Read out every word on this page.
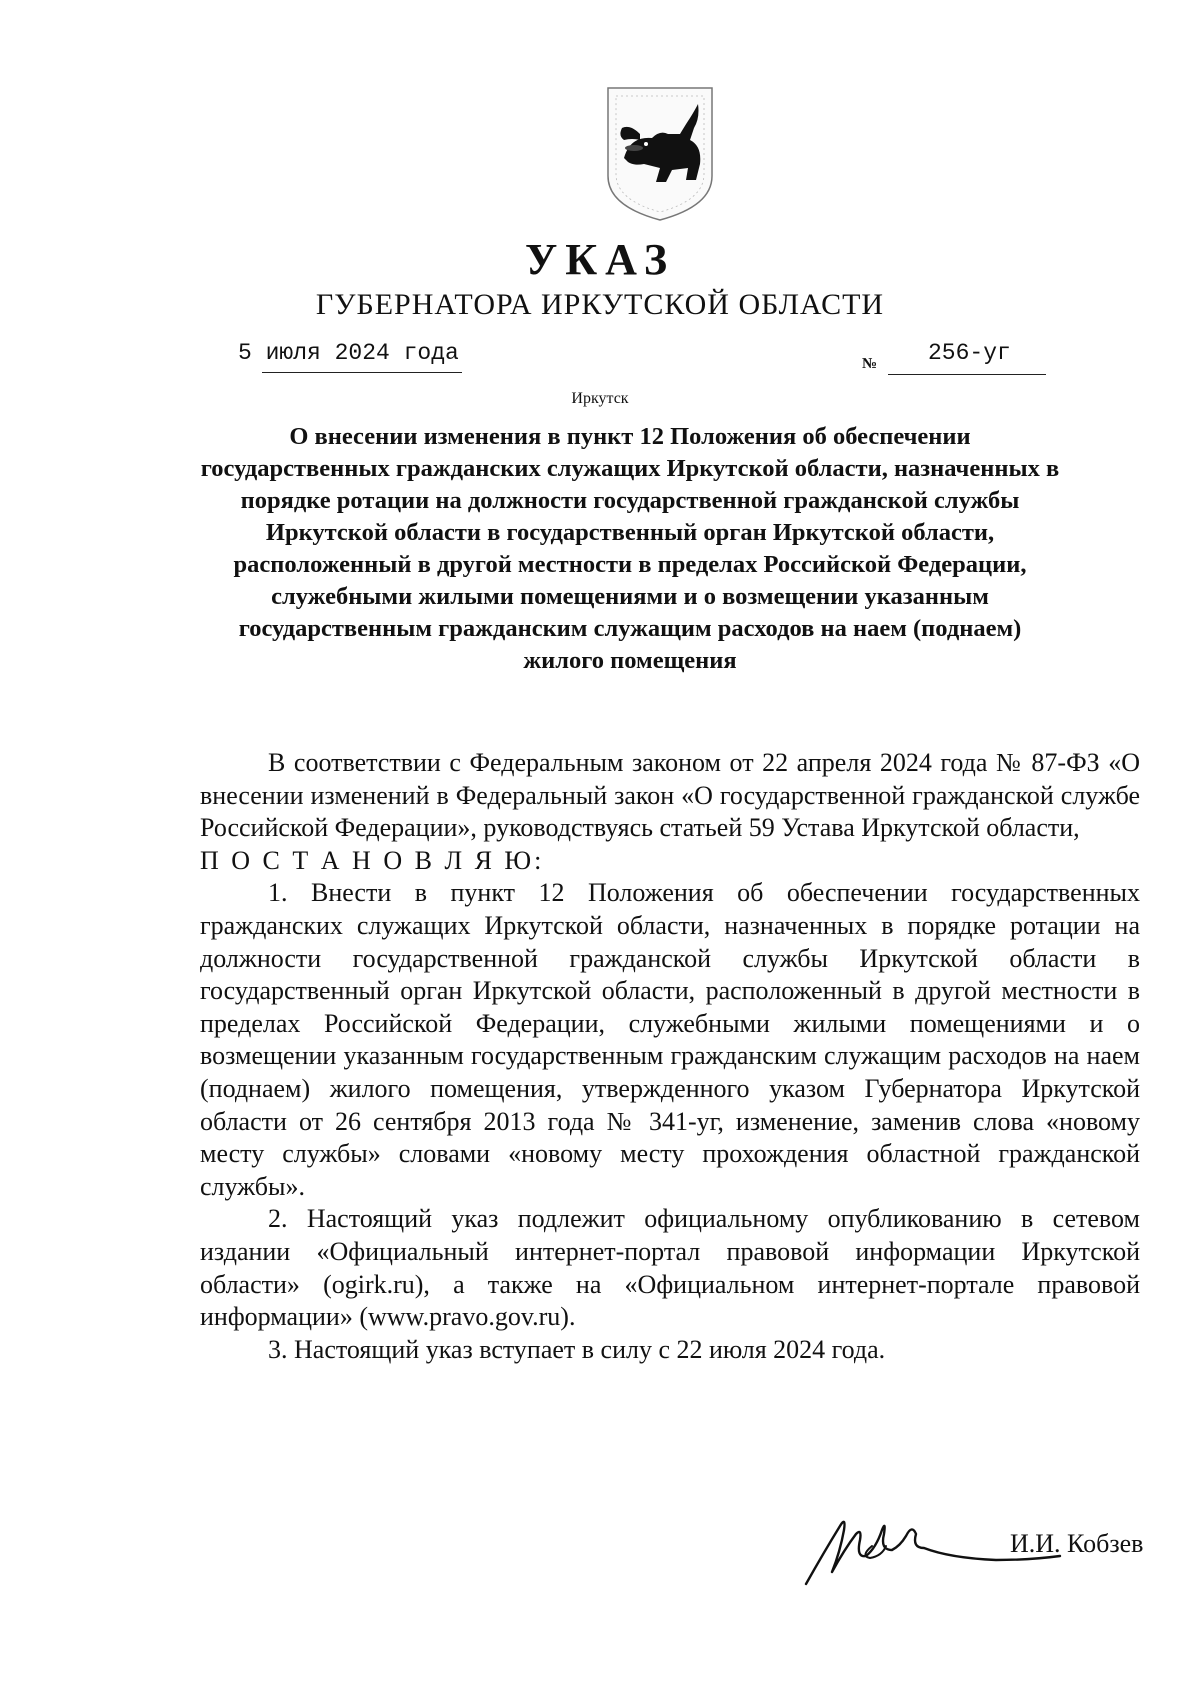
УКАЗ
ГУБЕРНАТОРА ИРКУТСКОЙ ОБЛАСТИ
5 июля 2024 года	№ 256-уг
Иркутск
О внесении изменения в пункт 12 Положения об обеспечении государственных гражданских служащих Иркутской области, назначенных в порядке ротации на должности государственной гражданской службы Иркутской области в государственный орган Иркутской области, расположенный в другой местности в пределах Российской Федерации, служебными жилыми помещениями и о возмещении указанным государственным гражданским служащим расходов на наем (поднаем) жилого помещения

В соответствии с Федеральным законом от 22 апреля 2024 года № 87-ФЗ «О внесении изменений в Федеральный закон «О государственной гражданской службе Российской Федерации», руководствуясь статьей 59 Устава Иркутской области,

П О С Т А Н О В Л Я Ю:

1. Внести в пункт 12 Положения об обеспечении государственных гражданских служащих Иркутской области, назначенных в порядке ротации на должности государственной гражданской службы Иркутской области в государственный орган Иркутской области, расположенный в другой местности в пределах Российской Федерации, служебными жилыми помещениями и о возмещении указанным государственным гражданским служащим расходов на наем (поднаем) жилого помещения, утвержденного указом Губернатора Иркутской области от 26 сентября 2013 года № 341-уг, изменение, заменив слова «новому месту службы» словами «новому месту прохождения областной гражданской службы».

2. Настоящий указ подлежит официальному опубликованию в сетевом издании «Официальный интернет-портал правовой информации Иркутской области» (ogirk.ru), а также на «Официальном интернет-портале правовой информации» (www.pravo.gov.ru).

3. Настоящий указ вступает в силу с 22 июля 2024 года.

И.И. Кобзев
